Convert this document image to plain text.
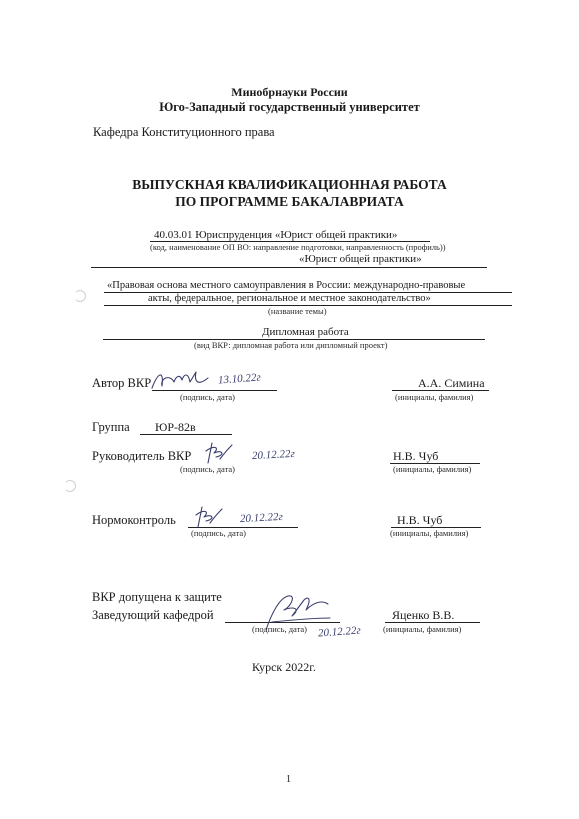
Минобрнауки России
Юго-Западный государственный университет
Кафедра Конституционного права
ВЫПУСКНАЯ КВАЛИФИКАЦИОННАЯ РАБОТА
ПО ПРОГРАММЕ БАКАЛАВРИАТА
40.03.01 Юриспруденция «Юрист общей практики»
(код, наименование ОП ВО: направление подготовки, направленность (профиль))
«Юрист общей практики»
«Правовая основа местного самоуправления в России: международно-правовые
акты, федеральное, региональное и местное законодательство»
(название темы)
Дипломная работа
(вид ВКР: дипломная работа или дипломный проект)
Автор ВКР	13.10.22г
(подпись, дата)
А.А. Симина
(инициалы, фамилия)
Группа ЮР-82в
Руководитель ВКР	20.12.22г
(подпись, дата)
Н.В. Чуб
(инициалы, фамилия)
Нормоконтроль	20.12.22г
(подпись, дата)
Н.В. Чуб
(инициалы, фамилия)
ВКР допущена к защите
Заведующий кафедрой
20.12.22г
(подпись, дата)
Яценко В.В.
(инициалы, фамилия)
Курск 2022г.
1
